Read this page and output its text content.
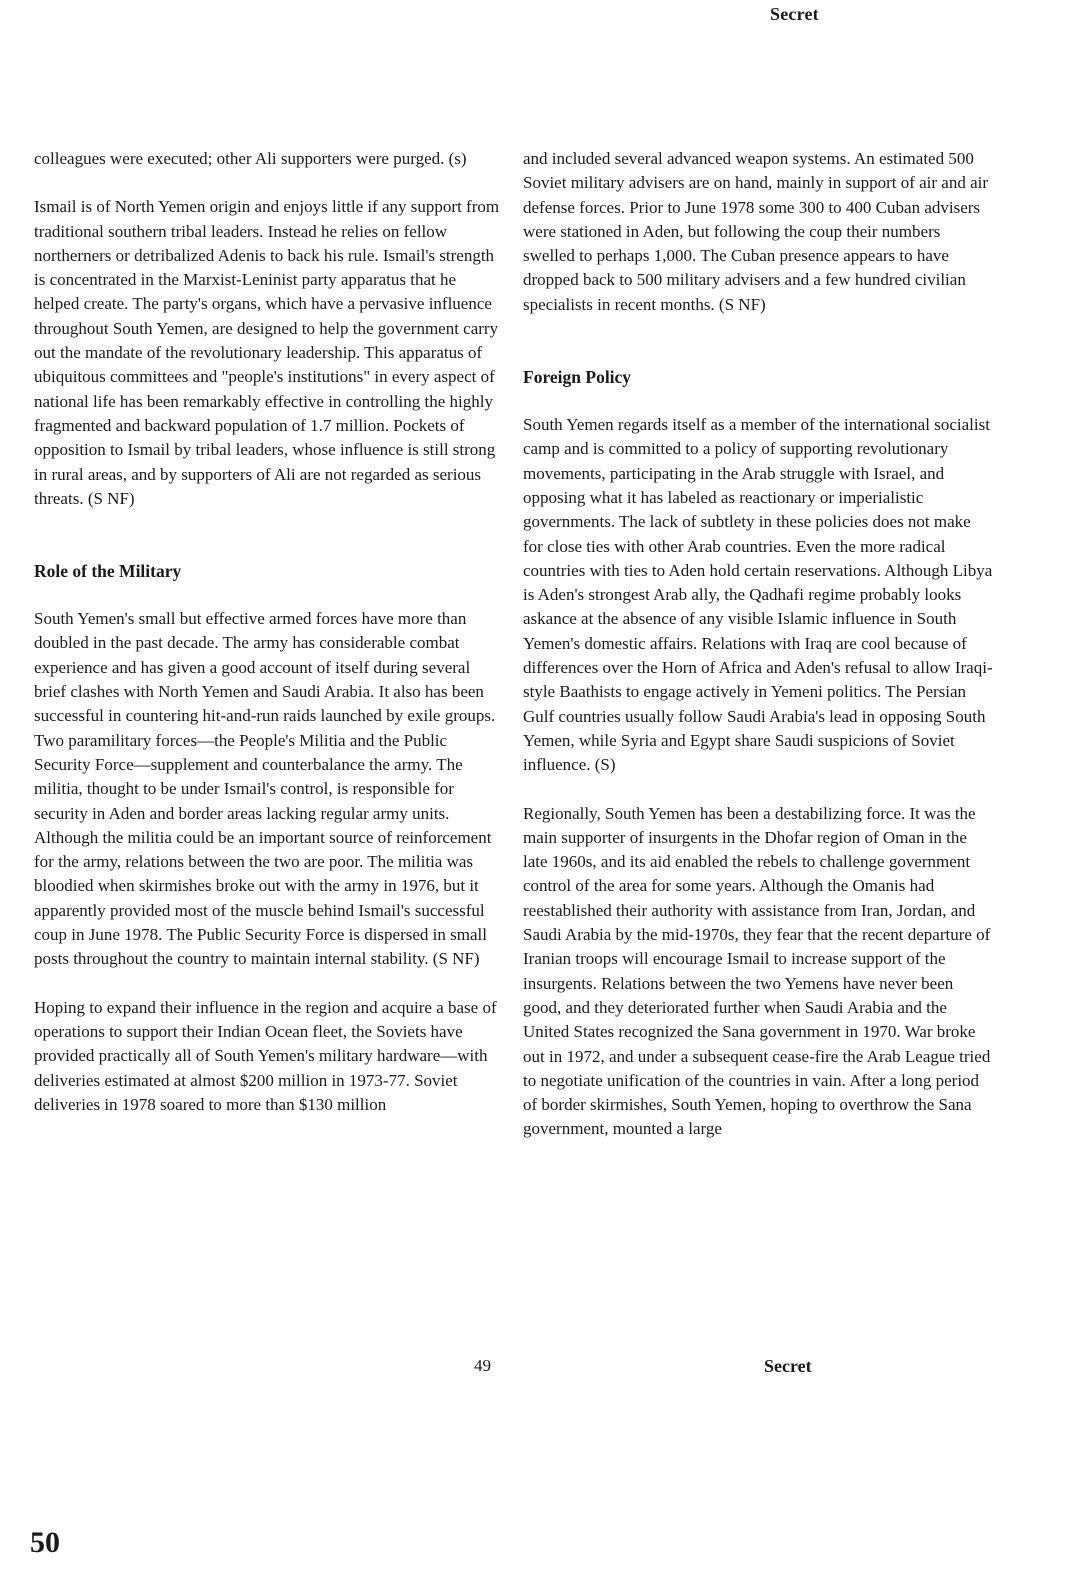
Secret

colleagues were executed; other Ali supporters were purged. (s)

Ismail is of North Yemen origin and enjoys little if any support from traditional southern tribal leaders. Instead he relies on fellow northerners or detribalized Adenis to back his rule. Ismail's strength is concentrated in the Marxist-Leninist party apparatus that he helped create. The party's organs, which have a pervasive influence throughout South Yemen, are designed to help the government carry out the mandate of the revolutionary leadership. This apparatus of ubiquitous committees and "people's institutions" in every aspect of national life has been remarkably effective in controlling the highly fragmented and backward population of 1.7 million. Pockets of opposition to Ismail by tribal leaders, whose influence is still strong in rural areas, and by supporters of Ali are not regarded as serious threats. (S NF)

Role of the Military

South Yemen's small but effective armed forces have more than doubled in the past decade. The army has considerable combat experience and has given a good account of itself during several brief clashes with North Yemen and Saudi Arabia. It also has been successful in countering hit-and-run raids launched by exile groups. Two paramilitary forces—the People's Militia and the Public Security Force—supplement and counterbalance the army. The militia, thought to be under Ismail's control, is responsible for security in Aden and border areas lacking regular army units. Although the militia could be an important source of reinforcement for the army, relations between the two are poor. The militia was bloodied when skirmishes broke out with the army in 1976, but it apparently provided most of the muscle behind Ismail's successful coup in June 1978. The Public Security Force is dispersed in small posts throughout the country to maintain internal stability. (S NF)

Hoping to expand their influence in the region and acquire a base of operations to support their Indian Ocean fleet, the Soviets have provided practically all of South Yemen's military hardware—with deliveries estimated at almost $200 million in 1973-77. Soviet deliveries in 1978 soared to more than $130 million

and included several advanced weapon systems. An estimated 500 Soviet military advisers are on hand, mainly in support of air and air defense forces. Prior to June 1978 some 300 to 400 Cuban advisers were stationed in Aden, but following the coup their numbers swelled to perhaps 1,000. The Cuban presence appears to have dropped back to 500 military advisers and a few hundred civilian specialists in recent months. (S NF)

Foreign Policy

South Yemen regards itself as a member of the international socialist camp and is committed to a policy of supporting revolutionary movements, participating in the Arab struggle with Israel, and opposing what it has labeled as reactionary or imperialistic governments. The lack of subtlety in these policies does not make for close ties with other Arab countries. Even the more radical countries with ties to Aden hold certain reservations. Although Libya is Aden's strongest Arab ally, the Qadhafi regime probably looks askance at the absence of any visible Islamic influence in South Yemen's domestic affairs. Relations with Iraq are cool because of differences over the Horn of Africa and Aden's refusal to allow Iraqi-style Baathists to engage actively in Yemeni politics. The Persian Gulf countries usually follow Saudi Arabia's lead in opposing South Yemen, while Syria and Egypt share Saudi suspicions of Soviet influence. (S)

Regionally, South Yemen has been a destabilizing force. It was the main supporter of insurgents in the Dhofar region of Oman in the late 1960s, and its aid enabled the rebels to challenge government control of the area for some years. Although the Omanis had reestablished their authority with assistance from Iran, Jordan, and Saudi Arabia by the mid-1970s, they fear that the recent departure of Iranian troops will encourage Ismail to increase support of the insurgents. Relations between the two Yemens have never been good, and they deteriorated further when Saudi Arabia and the United States recognized the Sana government in 1970. War broke out in 1972, and under a subsequent cease-fire the Arab League tried to negotiate unification of the countries in vain. After a long period of border skirmishes, South Yemen, hoping to overthrow the Sana government, mounted a large

49	Secret
50
